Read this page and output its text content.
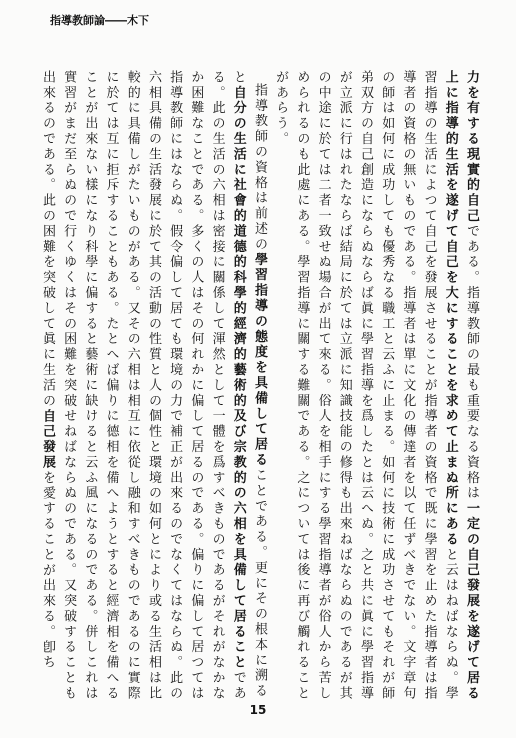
指導教師論――木下

力を有する現實的自己である。指導教師の最も重要なる資格は一定の自己發展を遂げて居る上に指導的生活を遂げて自己を大にすることを求めて止まぬ所にあると云はねばならぬ。學習指導の生活によつて自己を發展させることが指導者の資格で既に學習を止めた指導者は指導者の資格の無いものである。指導者は單に文化の傳達者を以て任ずべきでない。文字章句の師は如何に成功しても優秀なる職工と云ふに止まる。如何に技術に成功させてもそれが師弟双方の自己創造にならぬならば眞に學習指導を爲したとは云へぬ。之と共に眞に學習指導が立派に行はれたならば結局に於ては立派に知識技能の修得も出來ねばならぬのであるが其の中途に於ては二者一致せぬ場合が出て來る。俗人を相手にする學習指導者が俗人から苦しめられるのも此處にある。學習指導に關する難關である。之については後に再び觸れることがあらう。

指導教師の資格は前述の學習指導の態度を具備して居ることである。更にその根本に溯ると自分の生活に社會的道德的科學的經濟的藝術的及び宗教的の六相を具備して居ることである。此の生活の六相は密接に關係して渾然として一體を爲すべきものであるがそれがなかなか困難なことである。多くの人はその何れかに偏して居るのである。偏りに偏して居つては指導教師にはならぬ。假令偏して居ても環境の力で補正が出來るのでなくてはならぬ。此の六相具備の生活發展に於て其の活動の性質と人の個性と環境の如何とにより或る生活相は比較的に具備しがたいものがある。又その六相は相互に依從し融和すべきものであるのに實際に於ては互に拒斥することもある。たとへば偏りに德相を備へようとすると經濟相を備へることが出來ない樣になり科學に偏すると藝術に缺けると云ふ風になるのである。併しこれは實習がまだ至らぬので行くゆくはその困難を突破せねばならぬのである。又突破することも出來るのである。此の困難を突破して眞に生活の自己發展を愛することが出來る。卽ち

15
